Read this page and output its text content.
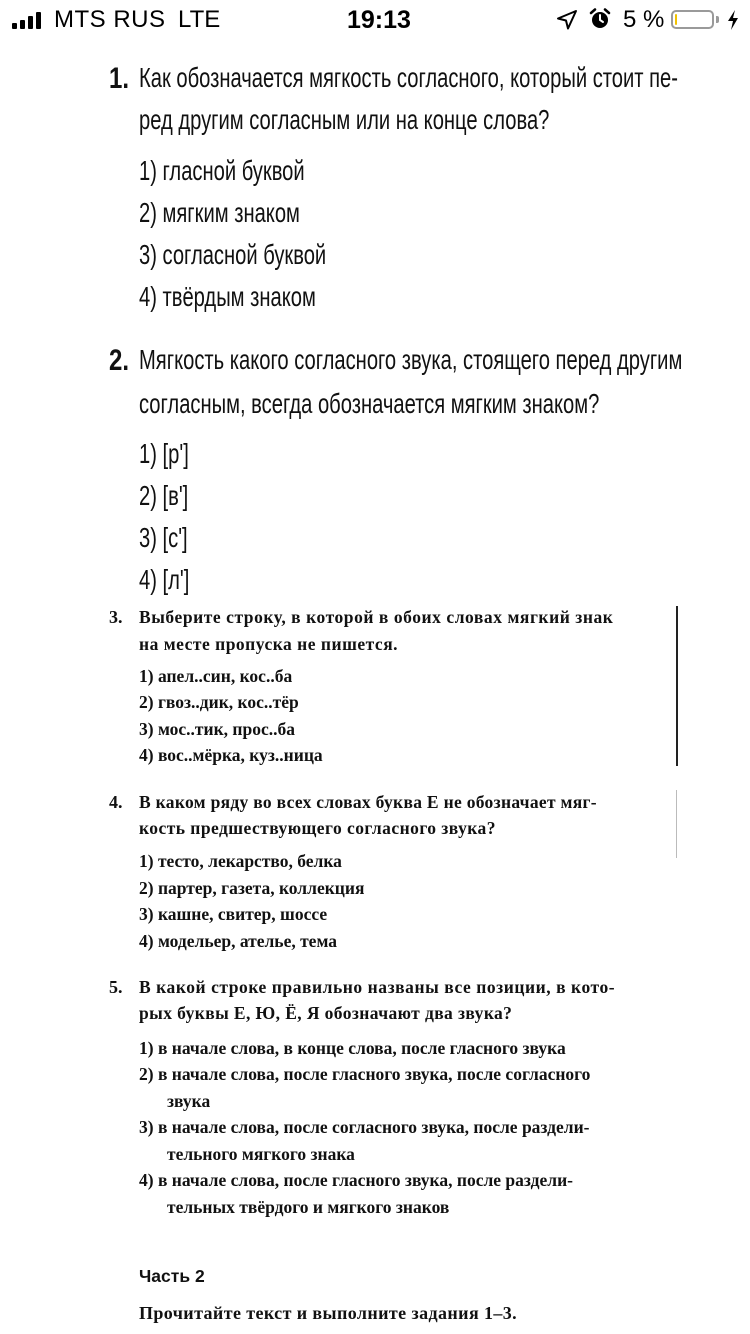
MTS RUS LTE	19:13	5 %
1. Как обозначается мягкость согласного, который стоит пе-
ред другим согласным или на конце слова?
1) гласной буквой
2) мягким знаком
3) согласной буквой
4) твёрдым знаком
2. Мягкость какого согласного звука, стоящего перед другим
согласным, всегда обозначается мягким знаком?
1) [р']
2) [в']
3) [с']
4) [л']
3. Выберите строку, в которой в обоих словах мягкий знак
на месте пропуска не пишется.
1) апел..син, кос..ба
2) гвоз..дик, кос..тёр
3) мос..тик, прос..ба
4) вос..мёрка, куз..ница
4. В каком ряду во всех словах буква Е не обозначает мяг-
кость предшествующего согласного звука?
1) тесто, лекарство, белка
2) партер, газета, коллекция
3) кашне, свитер, шоссе
4) модельер, ателье, тема
5. В какой строке правильно названы все позиции, в кото-
рых буквы Е, Ю, Ё, Я обозначают два звука?
1) в начале слова, в конце слова, после гласного звука
2) в начале слова, после гласного звука, после согласного
звука
3) в начале слова, после согласного звука, после раздели-
тельного мягкого знака
4) в начале слова, после гласного звука, после раздели-
тельных твёрдого и мягкого знаков
Часть 2
Прочитайте текст и выполните задания 1–3.
